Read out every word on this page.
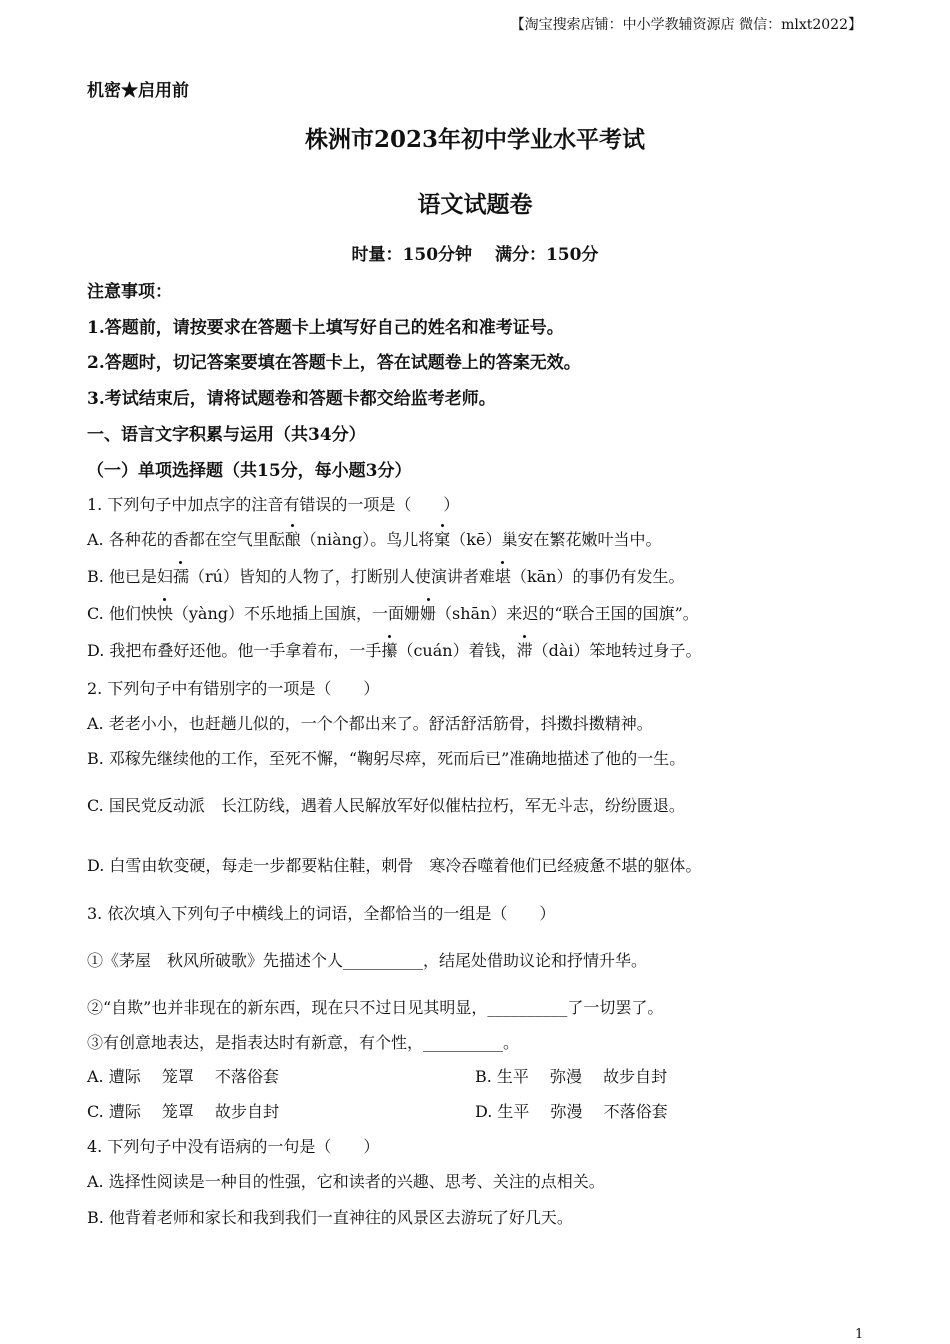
【淘宝搜索店铺：中小学教辅资源店 微信：mlxt2022】
机密★启用前
株洲市2023年初中学业水平考试
语文试题卷
时量：150分钟　 满分：150分
注意事项：
1.答题前，请按要求在答题卡上填写好自己的姓名和准考证号。
2.答题时，切记答案要填在答题卡上，答在试题卷上的答案无效。
3.考试结束后，请将试题卷和答题卡都交给监考老师。
一、语言文字积累与运用（共34分）
（一）单项选择题（共15分，每小题3分）
1. 下列句子中加点字的注音有错误的一项是（　　）
A. 各种花的香都在空气里酝酿（niàng）。鸟儿将窠（kē）巢安在繁花嫩叶当中。
B. 他已是妇孺（rú）皆知的人物了，打断别人使演讲者难堪（kān）的事仍有发生。
C. 他们怏怏（yàng）不乐地插上国旗，一面姗姗（shān）来迟的“联合王国的国旗”。
D. 我把布叠好还他。他一手拿着布，一手攥（cuán）着钱，滞（dài）笨地转过身子。
2. 下列句子中有错别字的一项是（　　）
A. 老老小小，也赶趟儿似的，一个个都出来了。舒活舒活筋骨，抖擞抖擞精神。
B. 邓稼先继续他的工作，至死不懈，“鞠躬尽瘁，死而后已”准确地描述了他的一生。
C. 国民党反动派　长江防线，遇着人民解放军好似催枯拉朽，军无斗志，纷纷匮退。
D. 白雪由软变硬，每走一步都要粘住鞋，刺骨　寒冷吞噬着他们已经疲惫不堪的躯体。
3. 依次填入下列句子中横线上的词语，全都恰当的一组是（　　）
①《茅屋　秋风所破歌》先描述个人__________，结尾处借助议论和抒情升华。
②“自欺”也并非现在的新东西，现在只不过日见其明显，__________了一切罢了。
③有创意地表达，是指表达时有新意，有个性，__________。
A. 遭际　 笼罩　 不落俗套	B. 生平　 弥漫　 故步自封
C. 遭际　 笼罩　 故步自封	D. 生平　 弥漫　 不落俗套
4. 下列句子中没有语病的一句是（　　）
A. 选择性阅读是一种目的性强，它和读者的兴趣、思考、关注的点相关。
B. 他背着老师和家长和我到我们一直神往的风景区去游玩了好几天。
1
